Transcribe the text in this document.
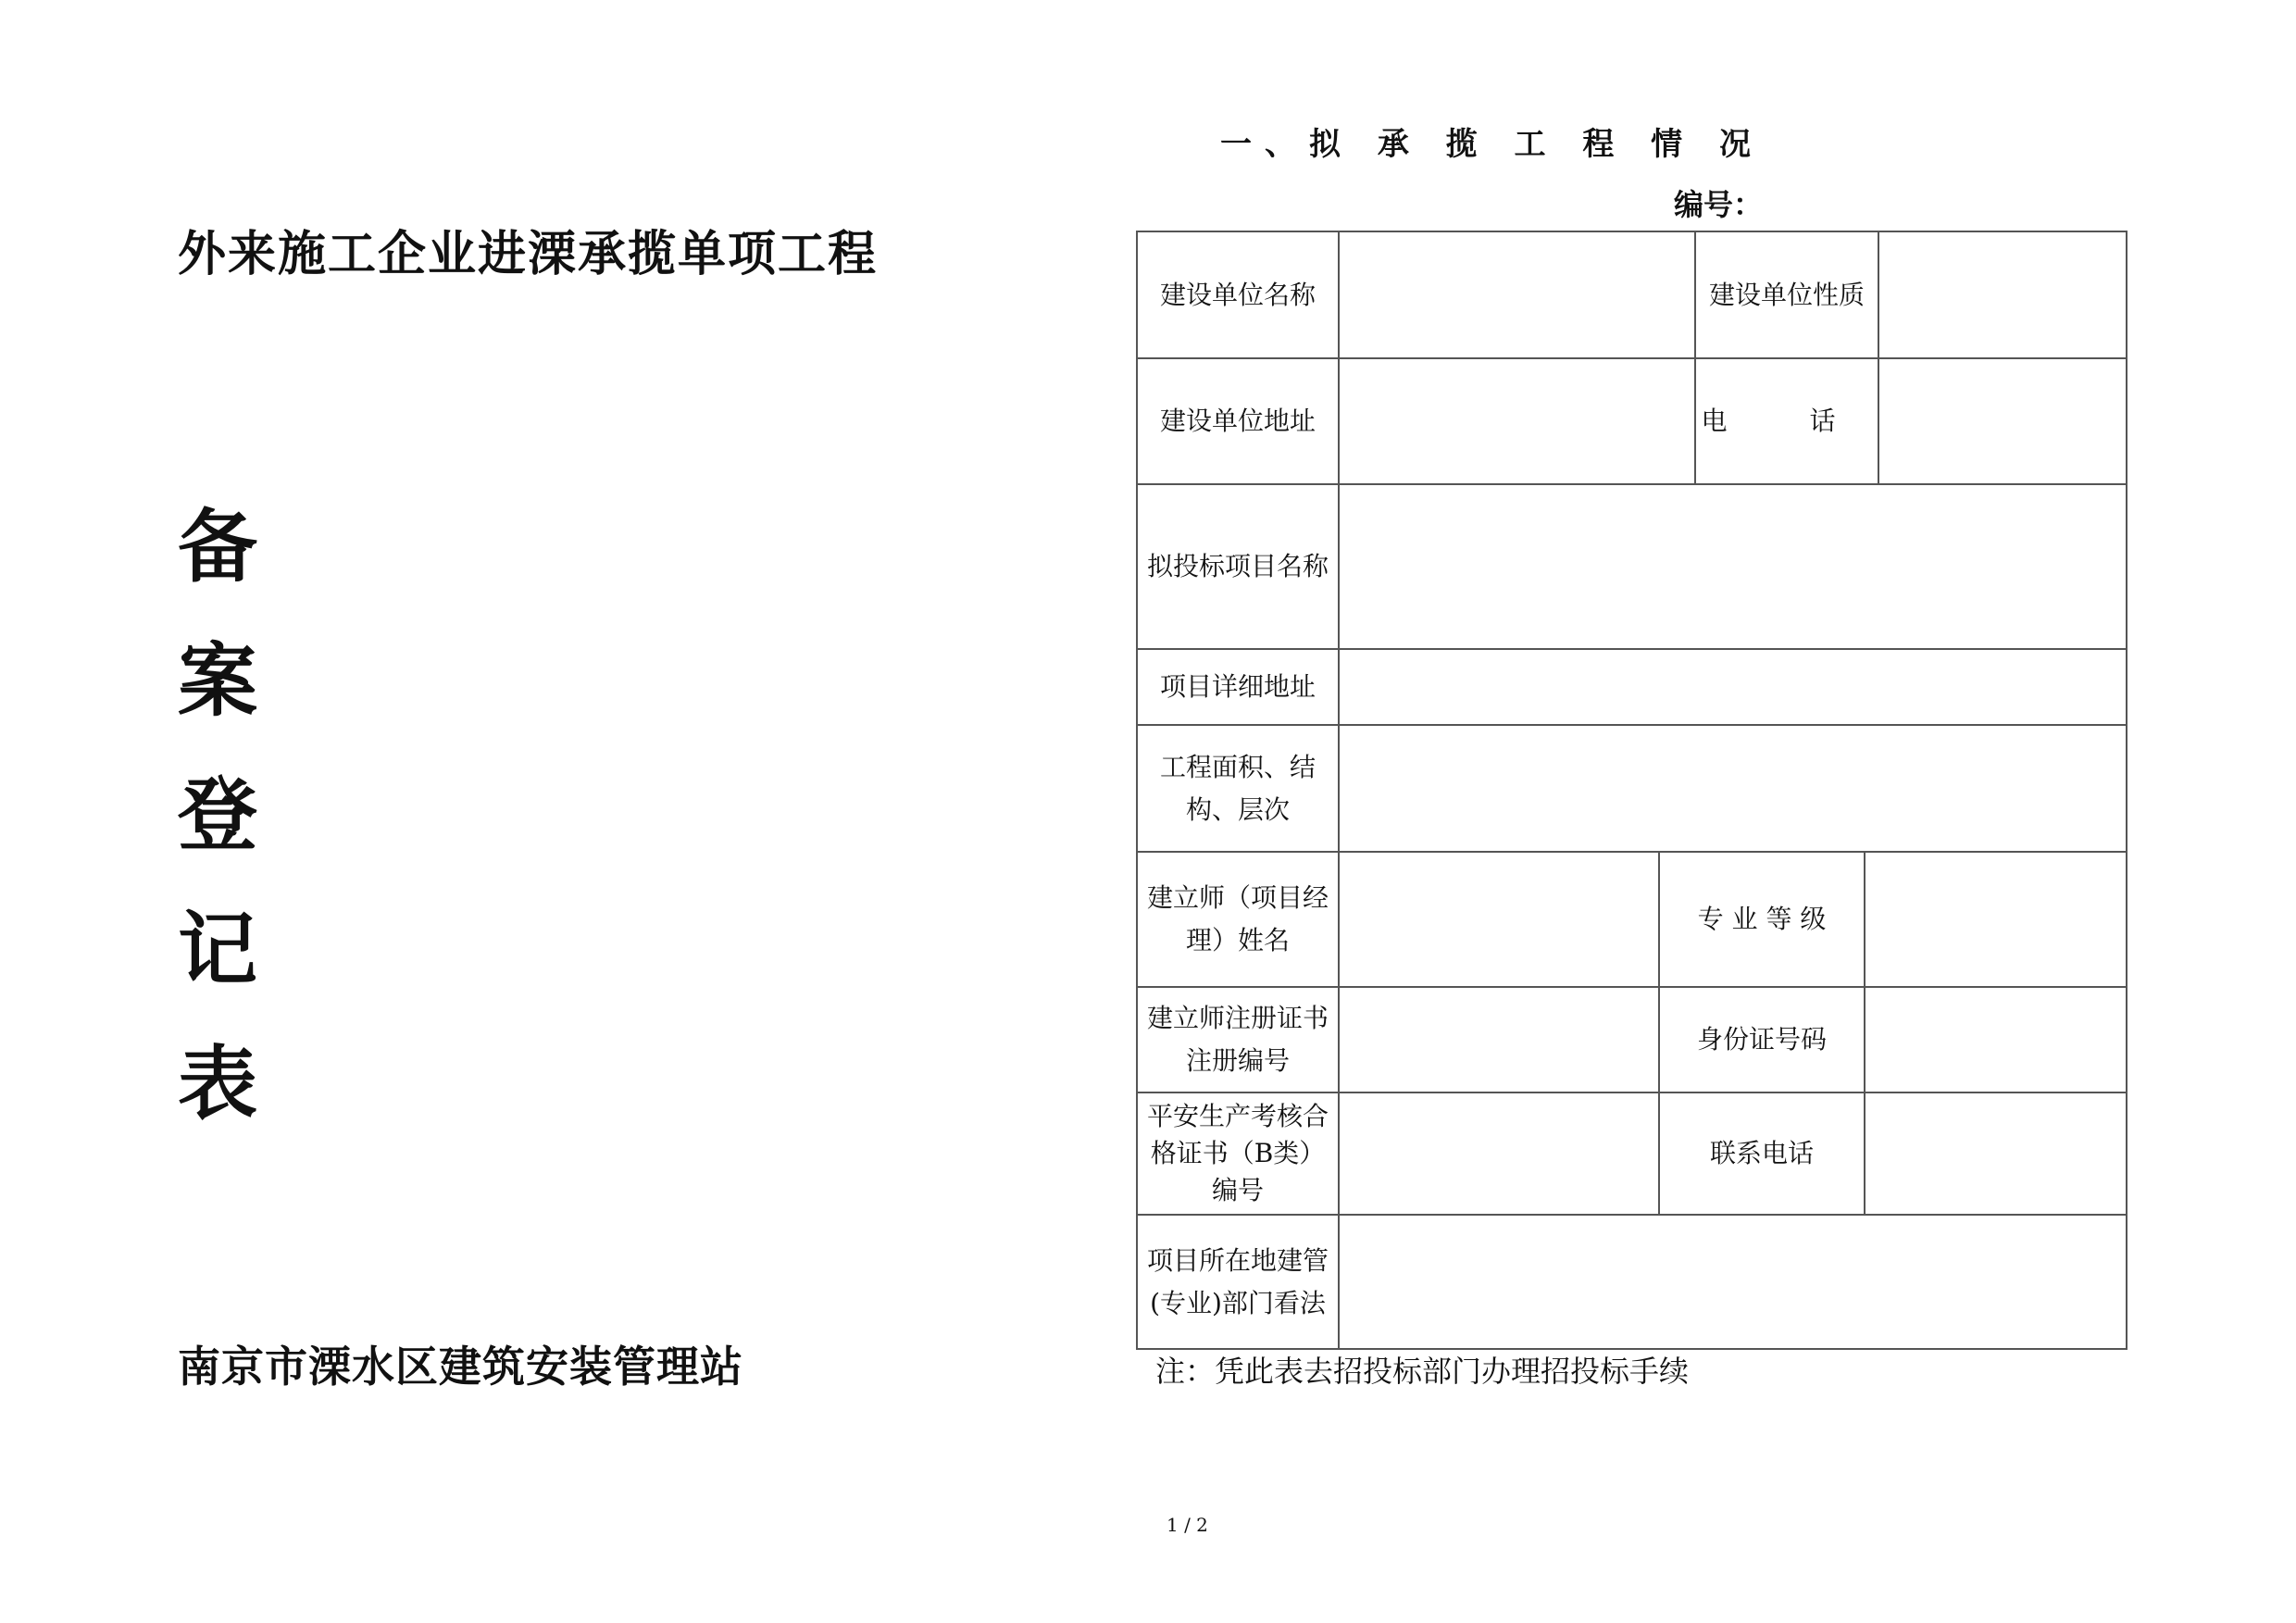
外来施工企业进溧承揽单项工程
备
案
登
记
表
南京市溧水区建筑安装管理站
一、拟 承 揽 工 程 情 况
编号：
建设单位名称			建设单位性质		
建设单位地址			电 话		
拟投标项目名称					
项目详细地址					
工程面积、结构、层次					
建立师（项目经理）姓名		专 业 等 级			
建立师注册证书注册编号		身份证号码			
平安生产考核合格证书（B类）编号		联系电话			
项目所在地建管(专业)部门看法					
注：凭此表去招投标部门办理招投标手续
1 / 2
